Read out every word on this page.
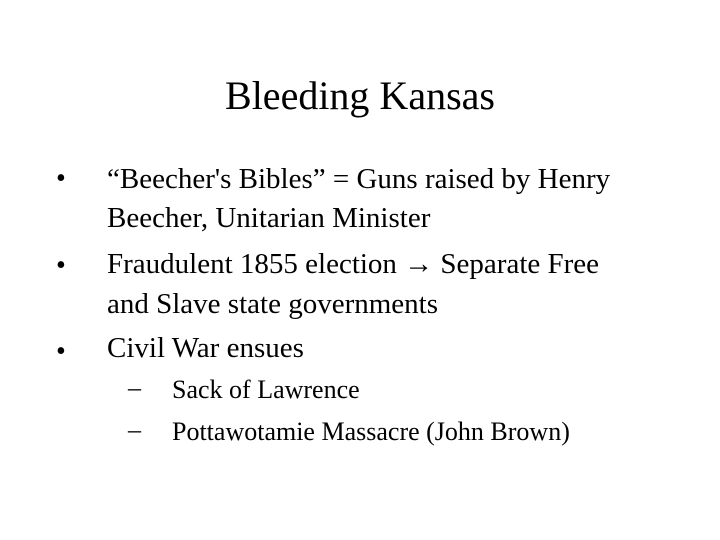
Bleeding Kansas
• “Beecher's Bibles” = Guns raised by Henry
Beecher, Unitarian Minister
• Fraudulent 1855 election → Separate Free
and Slave state governments
• Civil War ensues
– Sack of Lawrence
– Pottawotamie Massacre (John Brown)
